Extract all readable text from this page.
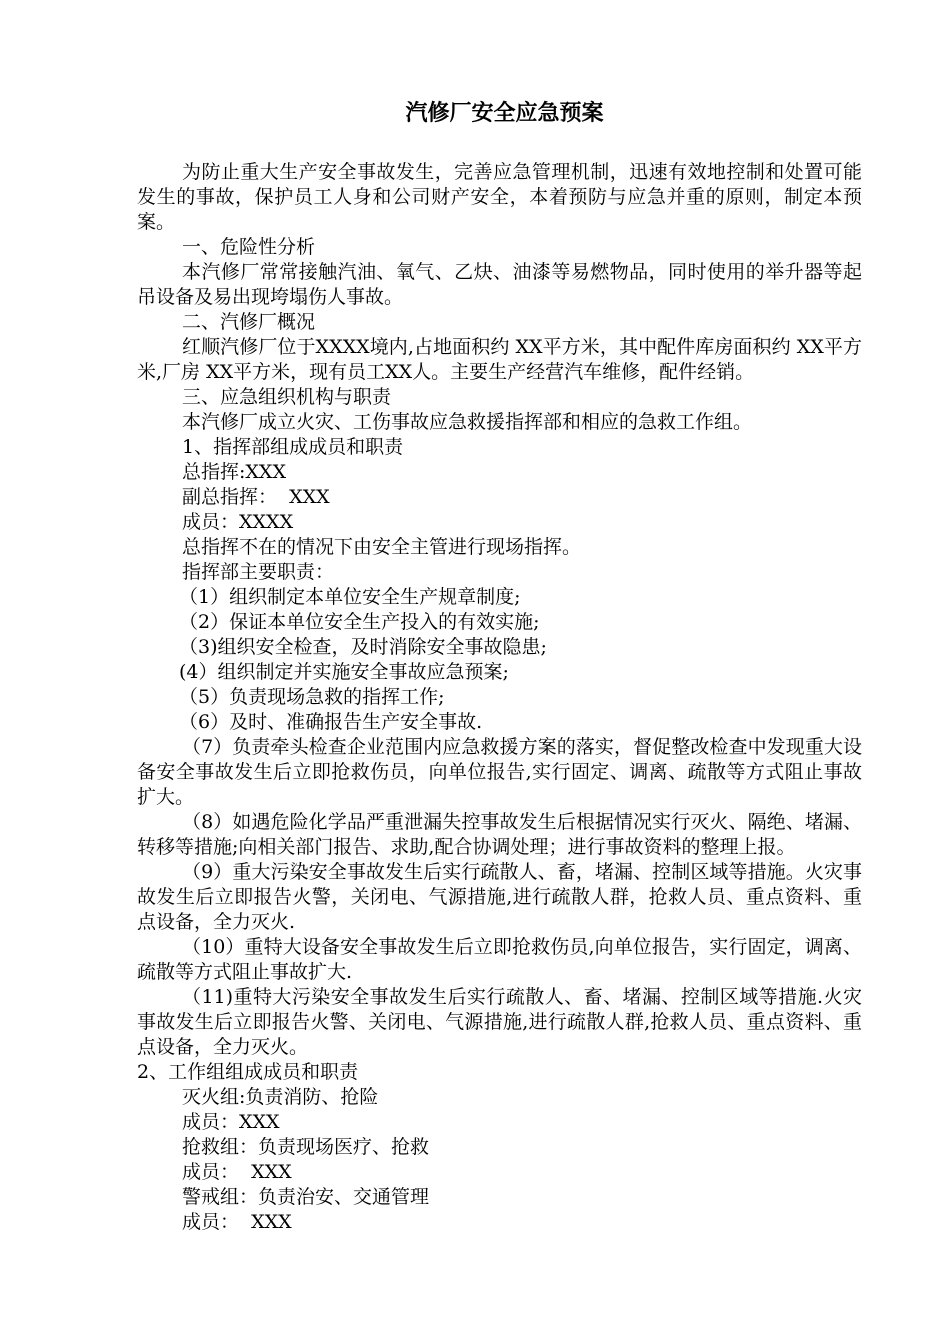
汽修厂安全应急预案

为防止重大生产安全事故发生，完善应急管理机制，迅速有效地控制和处置可能发生的事故，保护员工人身和公司财产安全，本着预防与应急并重的原则，制定本预案。

一、危险性分析

本汽修厂常常接触汽油、氧气、乙炔、油漆等易燃物品，同时使用的举升器等起吊设备及易出现垮塌伤人事故。

二、汽修厂概况

红顺汽修厂位于XXXX境内,占地面积约 XX平方米，其中配件库房面积约 XX平方米,厂房 XX平方米，现有员工XX人。主要生产经营汽车维修，配件经销。

三、应急组织机构与职责

本汽修厂成立火灾、工伤事故应急救援指挥部和相应的急救工作组。

1、指挥部组成成员和职责

总指挥:XXX

副总指挥：  XXX

成员：XXXX

总指挥不在的情况下由安全主管进行现场指挥。

指挥部主要职责：

（1）组织制定本单位安全生产规章制度;

（2）保证本单位安全生产投入的有效实施;

（3)组织安全检查，及时消除安全事故隐患;

(4）组织制定并实施安全事故应急预案;

（5）负责现场急救的指挥工作;

（6）及时、准确报告生产安全事故.

（7）负责牵头检查企业范围内应急救援方案的落实，督促整改检查中发现重大设备安全事故发生后立即抢救伤员，向单位报告,实行固定、调离、疏散等方式阻止事故扩大。

（8）如遇危险化学品严重泄漏失控事故发生后根据情况实行灭火、隔绝、堵漏、转移等措施;向相关部门报告、求助,配合协调处理；进行事故资料的整理上报。

（9）重大污染安全事故发生后实行疏散人、畜，堵漏、控制区域等措施。火灾事故发生后立即报告火警，关闭电、气源措施,进行疏散人群，抢救人员、重点资料、重点设备，全力灭火.

（10）重特大设备安全事故发生后立即抢救伤员,向单位报告，实行固定，调离、疏散等方式阻止事故扩大.

（11)重特大污染安全事故发生后实行疏散人、畜、堵漏、控制区域等措施.火灾事故发生后立即报告火警、关闭电、气源措施,进行疏散人群,抢救人员、重点资料、重点设备，全力灭火。

2、工作组组成成员和职责

灭火组:负责消防、抢险

成员：XXX

抢救组：负责现场医疗、抢救

成员：  XXX

警戒组：负责治安、交通管理

成员：  XXX
